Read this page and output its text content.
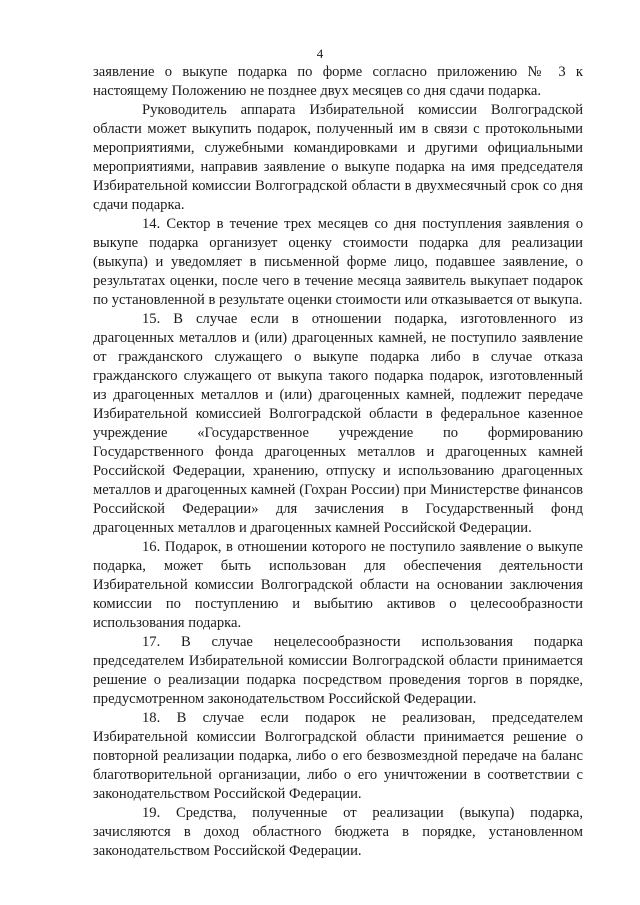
4

заявление о выкупе подарка по форме согласно приложению № 3 к настоящему Положению не позднее двух месяцев со дня сдачи подарка.

Руководитель аппарата Избирательной комиссии Волгоградской области может выкупить подарок, полученный им в связи с протокольными мероприятиями, служебными командировками и другими официальными мероприятиями, направив заявление о выкупе подарка на имя председателя Избирательной комиссии Волгоградской области в двухмесячный срок со дня сдачи подарка.

14. Сектор в течение трех месяцев со дня поступления заявления о выкупе подарка организует оценку стоимости подарка для реализации (выкупа) и уведомляет в письменной форме лицо, подавшее заявление, о результатах оценки, после чего в течение месяца заявитель выкупает подарок по установленной в результате оценки стоимости или отказывается от выкупа.

15. В случае если в отношении подарка, изготовленного из драгоценных металлов и (или) драгоценных камней, не поступило заявление от гражданского служащего о выкупе подарка либо в случае отказа гражданского служащего от выкупа такого подарка подарок, изготовленный из драгоценных металлов и (или) драгоценных камней, подлежит передаче Избирательной комиссией Волгоградской области в федеральное казенное учреждение «Государственное учреждение по формированию Государственного фонда драгоценных металлов и драгоценных камней Российской Федерации, хранению, отпуску и использованию драгоценных металлов и драгоценных камней (Гохран России) при Министерстве финансов Российской Федерации» для зачисления в Государственный фонд драгоценных металлов и драгоценных камней Российской Федерации.

16. Подарок, в отношении которого не поступило заявление о выкупе подарка, может быть использован для обеспечения деятельности Избирательной комиссии Волгоградской области на основании заключения комиссии по поступлению и выбытию активов о целесообразности использования подарка.

17. В случае нецелесообразности использования подарка председателем Избирательной комиссии Волгоградской области принимается решение о реализации подарка посредством проведения торгов в порядке, предусмотренном законодательством Российской Федерации.

18. В случае если подарок не реализован, председателем Избирательной комиссии Волгоградской области принимается решение о повторной реализации подарка, либо о его безвозмездной передаче на баланс благотворительной организации, либо о его уничтожении в соответствии с законодательством Российской Федерации.

19. Средства, полученные от реализации (выкупа) подарка, зачисляются в доход областного бюджета в порядке, установленном законодательством Российской Федерации.
